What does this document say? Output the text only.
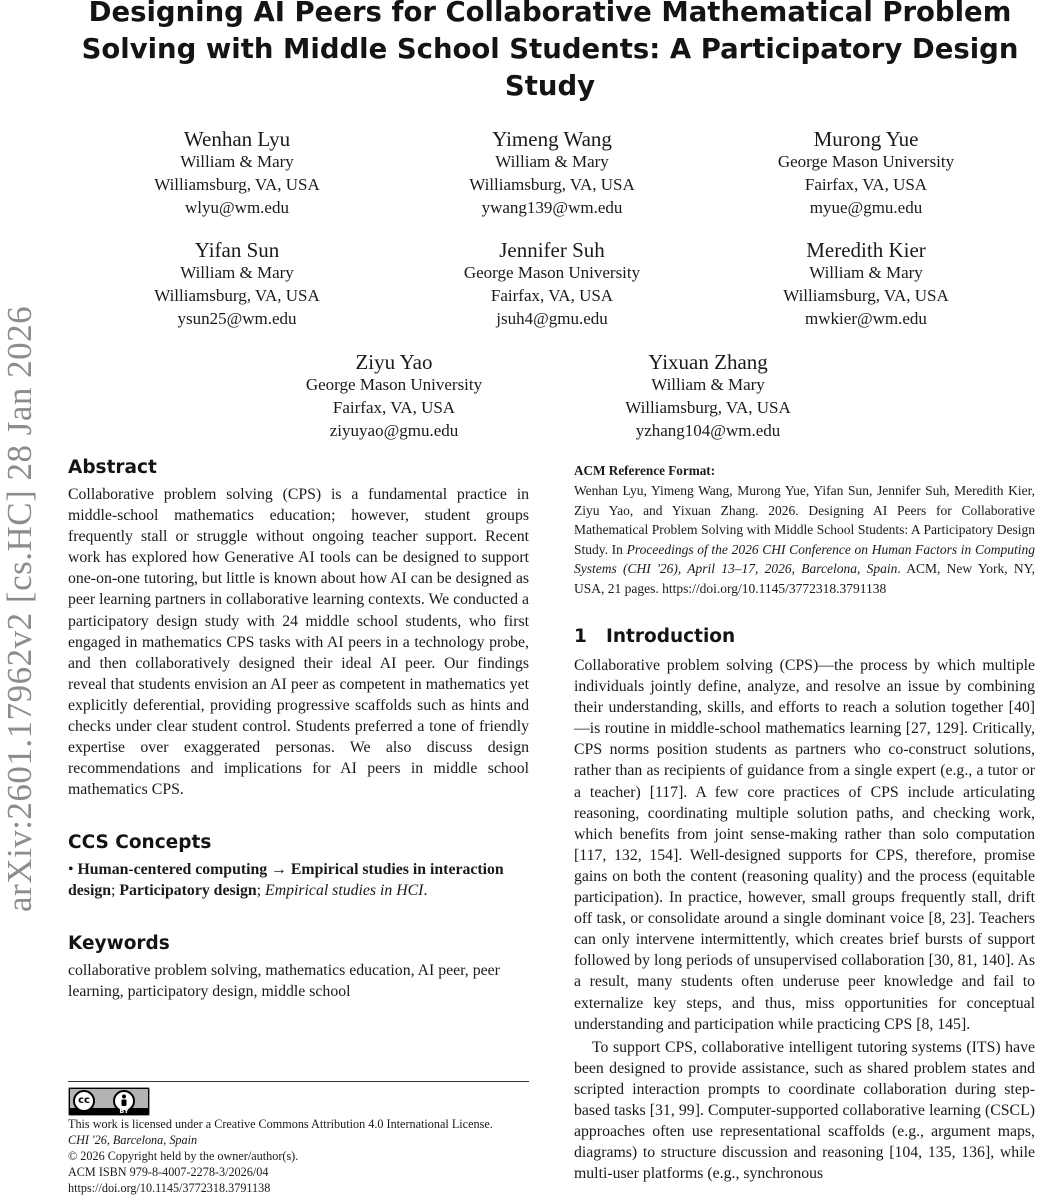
arXiv:2601.17962v2 [cs.HC] 28 Jan 2026
Designing AI Peers for Collaborative Mathematical Problem Solving with Middle School Students: A Participatory Design Study
Wenhan Lyu
William & Mary
Williamsburg, VA, USA
wlyu@wm.edu
Yimeng Wang
William & Mary
Williamsburg, VA, USA
ywang139@wm.edu
Murong Yue
George Mason University
Fairfax, VA, USA
myue@gmu.edu
Yifan Sun
William & Mary
Williamsburg, VA, USA
ysun25@wm.edu
Jennifer Suh
George Mason University
Fairfax, VA, USA
jsuh4@gmu.edu
Meredith Kier
William & Mary
Williamsburg, VA, USA
mwkier@wm.edu
Ziyu Yao
George Mason University
Fairfax, VA, USA
ziyuyao@gmu.edu
Yixuan Zhang
William & Mary
Williamsburg, VA, USA
yzhang104@wm.edu
Abstract

Collaborative problem solving (CPS) is a fundamental practice in middle-school mathematics education; however, student groups frequently stall or struggle without ongoing teacher support. Recent work has explored how Generative AI tools can be designed to support one-on-one tutoring, but little is known about how AI can be designed as peer learning partners in collaborative learning contexts. We conducted a participatory design study with 24 middle school students, who first engaged in mathematics CPS tasks with AI peers in a technology probe, and then collaboratively designed their ideal AI peer. Our findings reveal that students envision an AI peer as competent in mathematics yet explicitly deferential, providing progressive scaffolds such as hints and checks under clear student control. Students preferred a tone of friendly expertise over exaggerated personas. We also discuss design recommendations and implications for AI peers in middle school mathematics CPS.

CCS Concepts

• Human-centered computing → Empirical studies in interaction design; Participatory design; Empirical studies in HCI.

Keywords

collaborative problem solving, mathematics education, AI peer, peer learning, participatory design, middle school

cc
BY

This work is licensed under a Creative Commons Attribution 4.0 International License.
CHI '26, Barcelona, Spain
© 2026 Copyright held by the owner/author(s).
ACM ISBN 979-8-4007-2278-3/2026/04
https://doi.org/10.1145/3772318.3791138

ACM Reference Format:

Wenhan Lyu, Yimeng Wang, Murong Yue, Yifan Sun, Jennifer Suh, Meredith Kier, Ziyu Yao, and Yixuan Zhang. 2026. Designing AI Peers for Collaborative Mathematical Problem Solving with Middle School Students: A Participatory Design Study. In Proceedings of the 2026 CHI Conference on Human Factors in Computing Systems (CHI '26), April 13–17, 2026, Barcelona, Spain. ACM, New York, NY, USA, 21 pages. https://doi.org/10.1145/3772318.3791138

1 Introduction

Collaborative problem solving (CPS)—the process by which multiple individuals jointly define, analyze, and resolve an issue by combining their understanding, skills, and efforts to reach a solution together [40]—is routine in middle-school mathematics learning [27, 129]. Critically, CPS norms position students as partners who co-construct solutions, rather than as recipients of guidance from a single expert (e.g., a tutor or a teacher) [117]. A few core practices of CPS include articulating reasoning, coordinating multiple solution paths, and checking work, which benefits from joint sense-making rather than solo computation [117, 132, 154]. Well-designed supports for CPS, therefore, promise gains on both the content (reasoning quality) and the process (equitable participation). In practice, however, small groups frequently stall, drift off task, or consolidate around a single dominant voice [8, 23]. Teachers can only intervene intermittently, which creates brief bursts of support followed by long periods of unsupervised collaboration [30, 81, 140]. As a result, many students often underuse peer knowledge and fail to externalize key steps, and thus, miss opportunities for conceptual understanding and participation while practicing CPS [8, 145].

To support CPS, collaborative intelligent tutoring systems (ITS) have been designed to provide assistance, such as shared problem states and scripted interaction prompts to coordinate collaboration during step-based tasks [31, 99]. Computer-supported collaborative learning (CSCL) approaches often use representational scaffolds (e.g., argument maps, diagrams) to structure discussion and reasoning [104, 135, 136], while multi-user platforms (e.g., synchronous
